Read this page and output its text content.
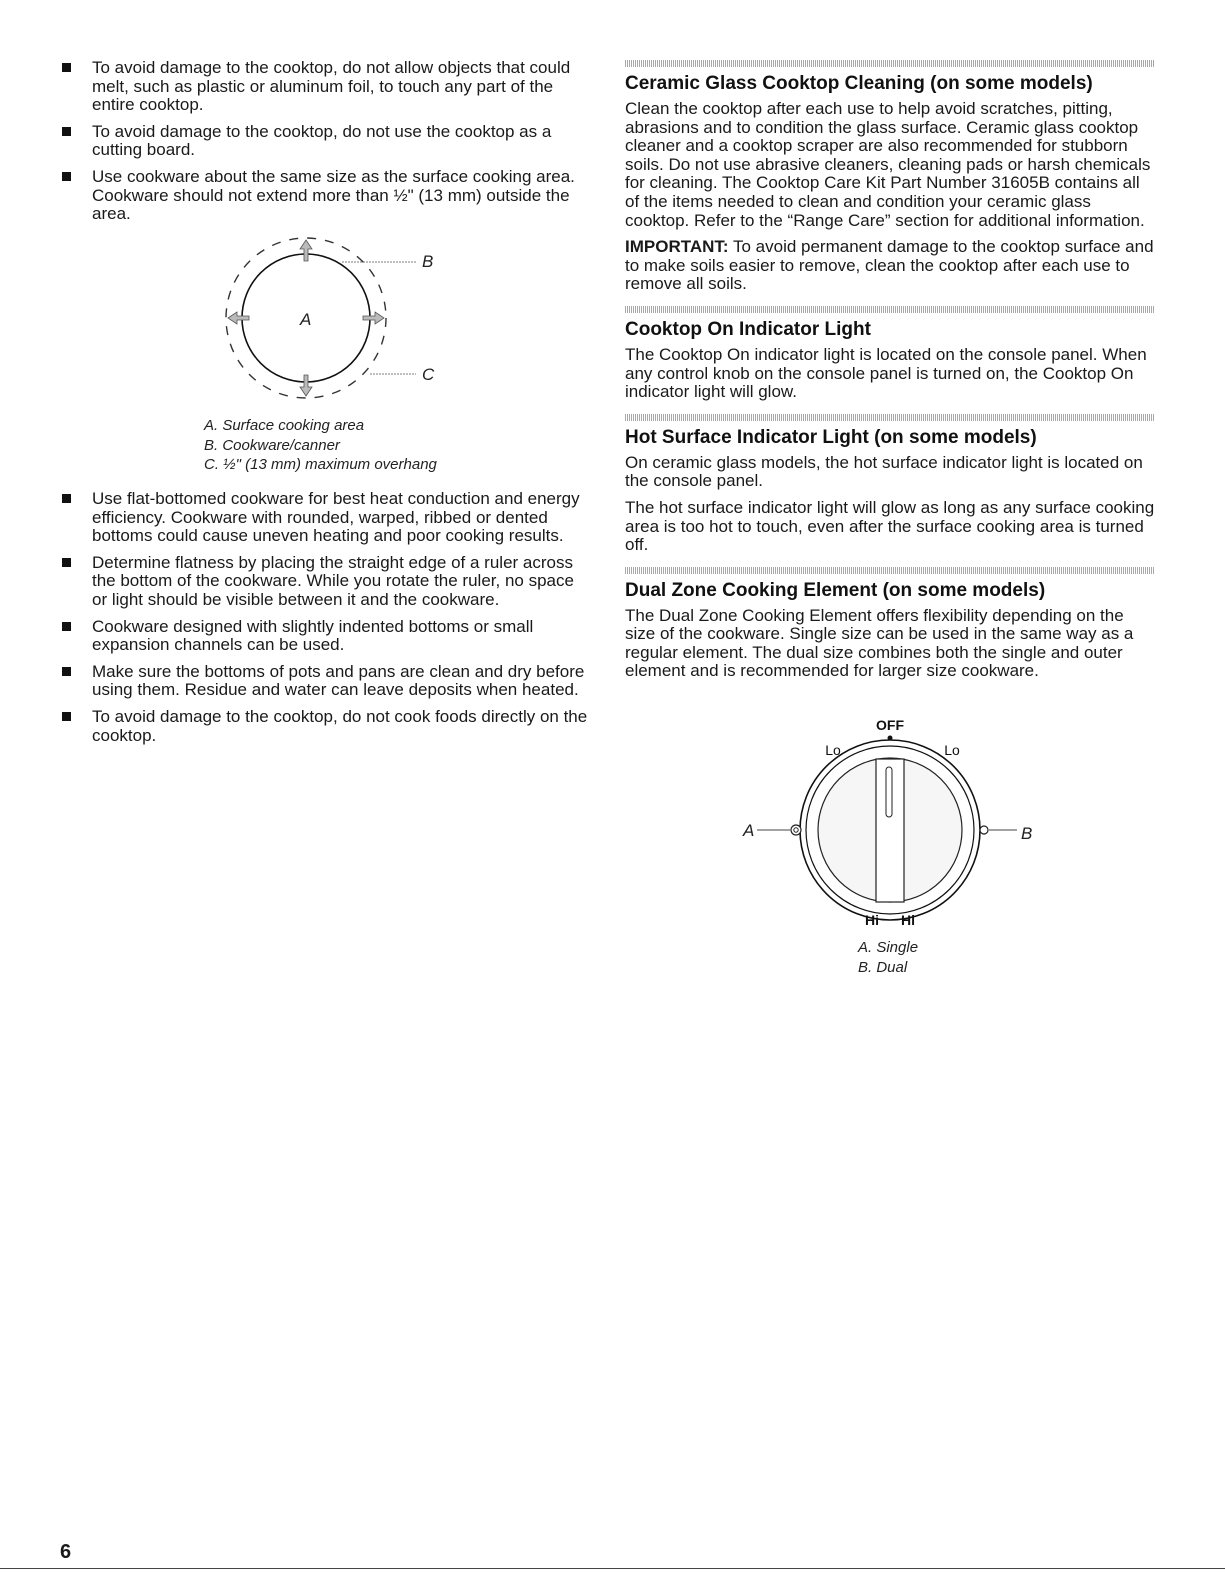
To avoid damage to the cooktop, do not allow objects that could melt, such as plastic or aluminum foil, to touch any part of the entire cooktop.
To avoid damage to the cooktop, do not use the cooktop as a cutting board.
Use cookware about the same size as the surface cooking area. Cookware should not extend more than ½" (13 mm) outside the area.
A
B
C
A. Surface cooking area
B. Cookware/canner
C. ½" (13 mm) maximum overhang
Use flat-bottomed cookware for best heat conduction and energy efficiency. Cookware with rounded, warped, ribbed or dented bottoms could cause uneven heating and poor cooking results.
Determine flatness by placing the straight edge of a ruler across the bottom of the cookware. While you rotate the ruler, no space or light should be visible between it and the cookware.
Cookware designed with slightly indented bottoms or small expansion channels can be used.
Make sure the bottoms of pots and pans are clean and dry before using them. Residue and water can leave deposits when heated.
To avoid damage to the cooktop, do not cook foods directly on the cooktop.
Ceramic Glass Cooktop Cleaning (on some models)

Clean the cooktop after each use to help avoid scratches, pitting, abrasions and to condition the glass surface. Ceramic glass cooktop cleaner and a cooktop scraper are also recommended for stubborn soils. Do not use abrasive cleaners, cleaning pads or harsh chemicals for cleaning. The Cooktop Care Kit Part Number 31605B contains all of the items needed to clean and condition your ceramic glass cooktop. Refer to the “Range Care” section for additional information.

IMPORTANT: To avoid permanent damage to the cooktop surface and to make soils easier to remove, clean the cooktop after each use to remove all soils.

Cooktop On Indicator Light

The Cooktop On indicator light is located on the console panel. When any control knob on the console panel is turned on, the Cooktop On indicator light will glow.

Hot Surface Indicator Light (on some models)

On ceramic glass models, the hot surface indicator light is located on the console panel.

The hot surface indicator light will glow as long as any surface cooking area is too hot to touch, even after the surface cooking area is turned off.

Dual Zone Cooking Element (on some models)

The Dual Zone Cooking Element offers flexibility depending on the size of the cookware. Single size can be used in the same way as a regular element. The dual size combines both the single and outer element and is recommended for larger size cookware.

OFF
Lo	Lo
A	B
Hi Hi
A. Single
B. Dual
6
